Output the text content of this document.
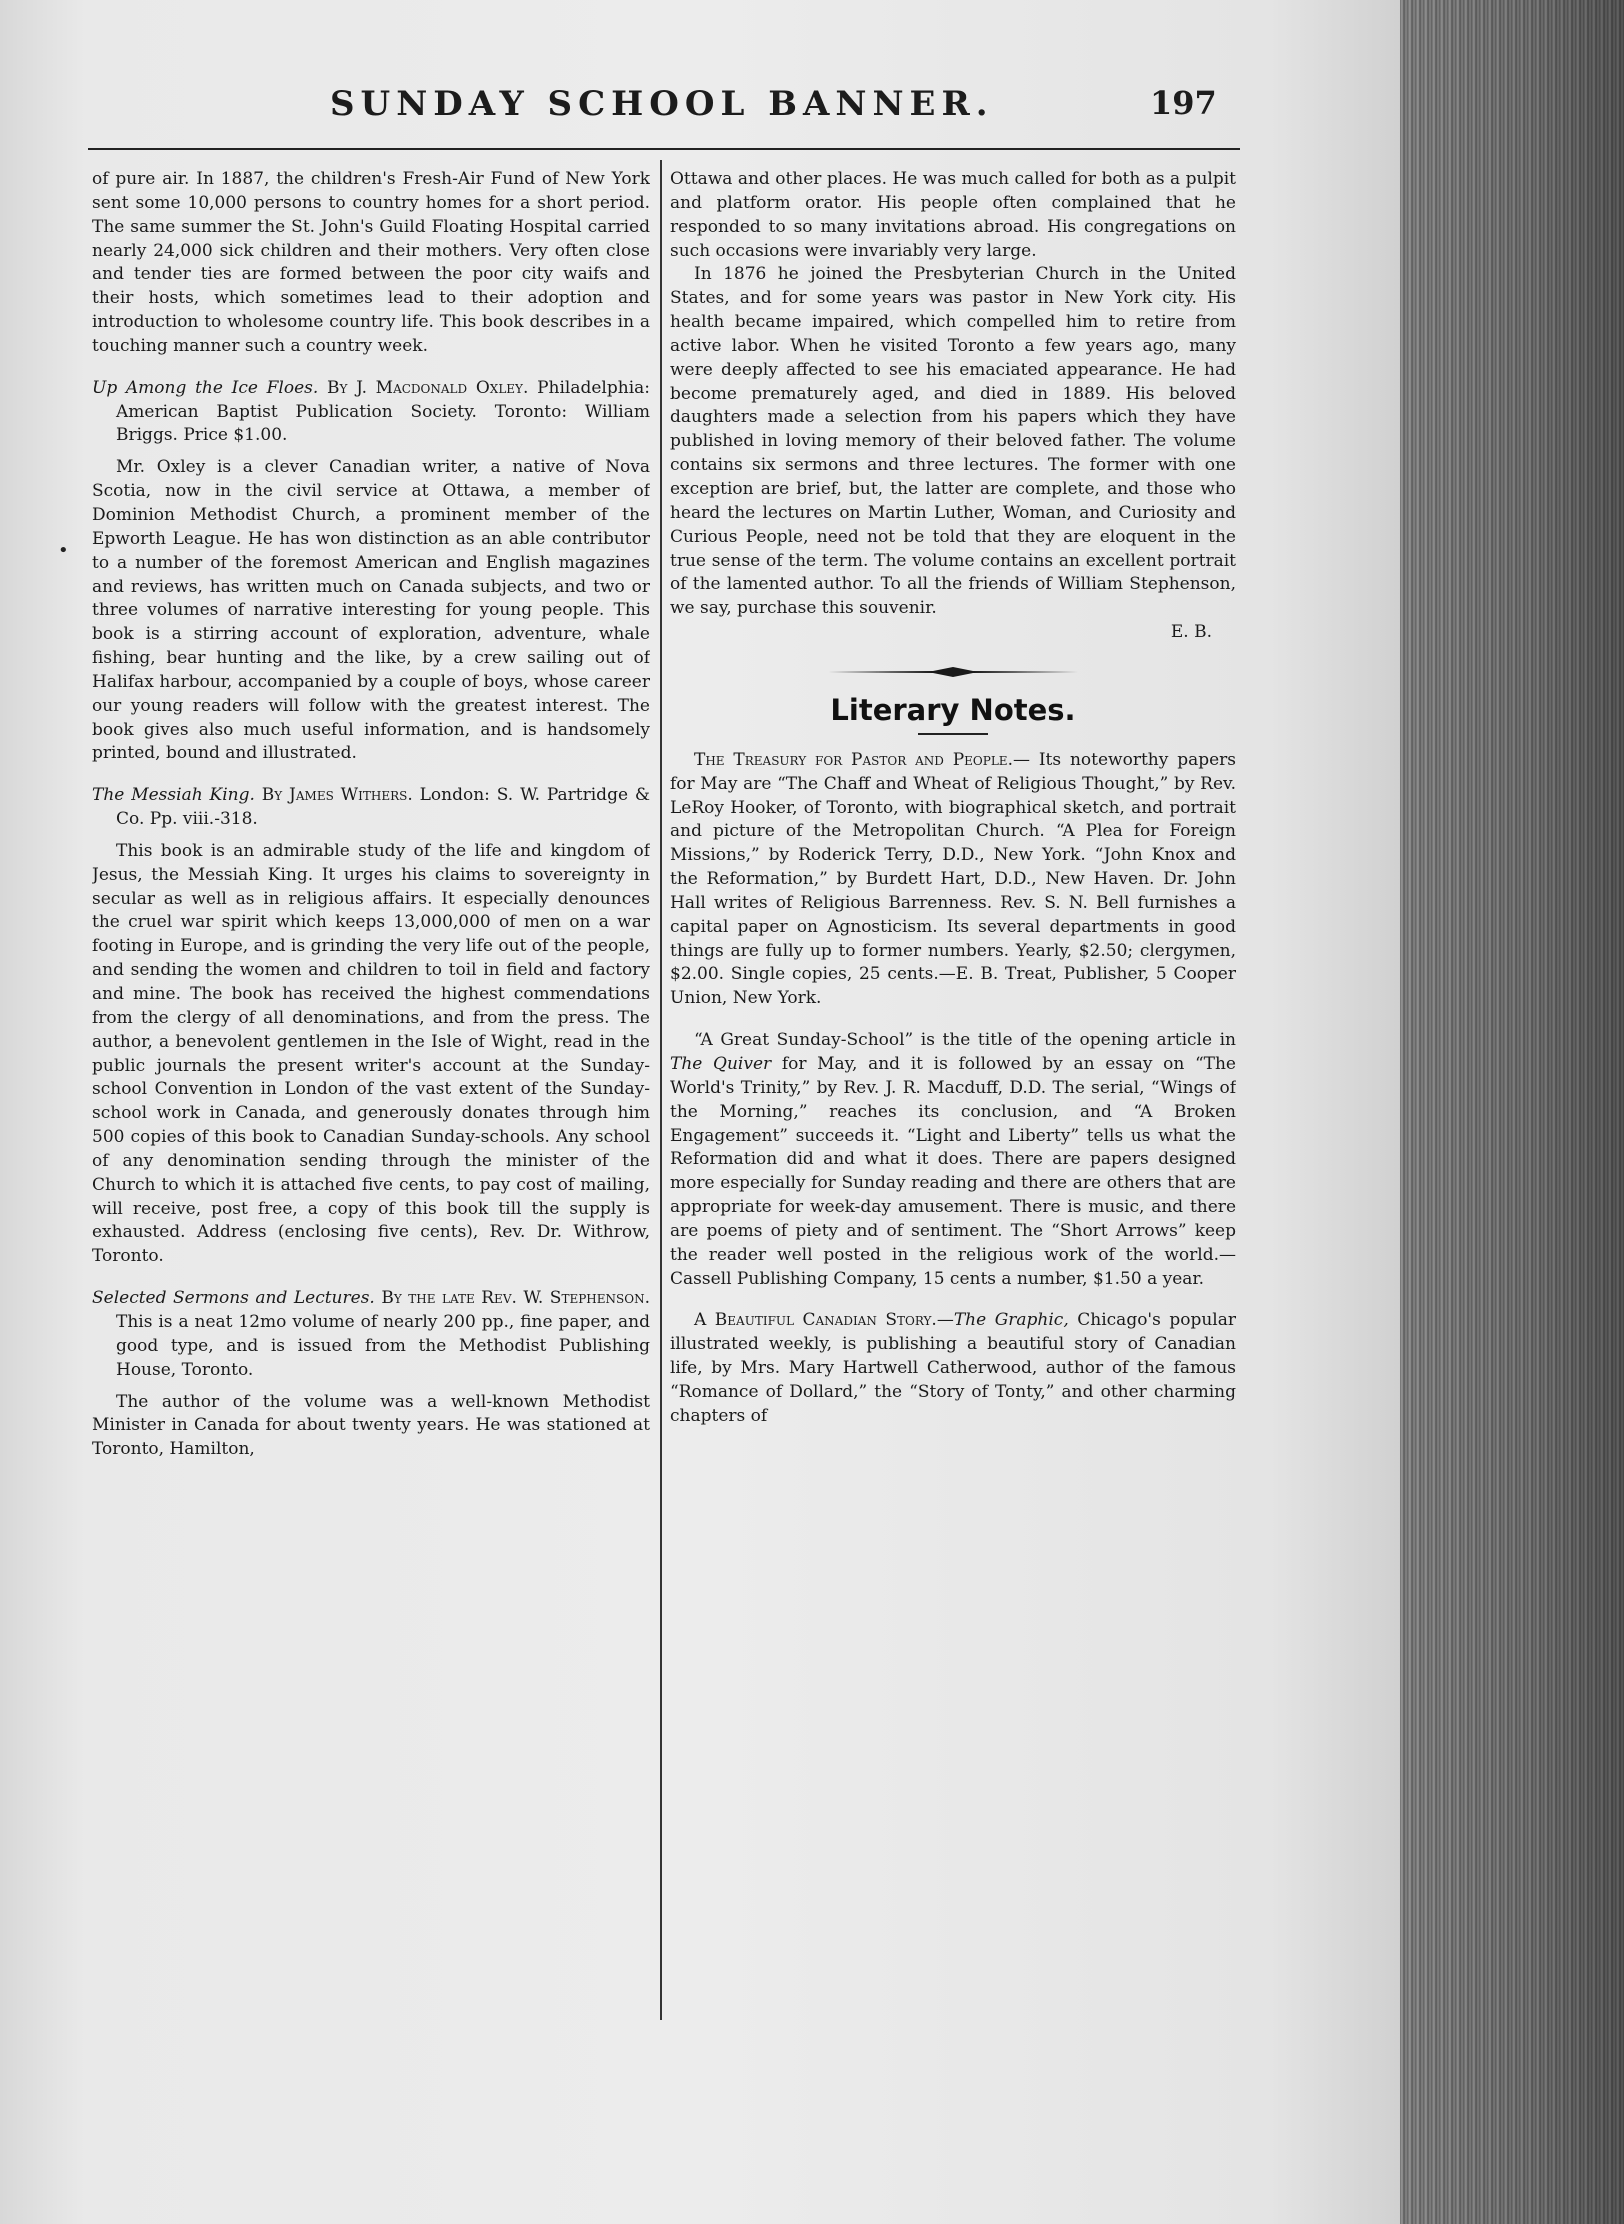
SUNDAY SCHOOL BANNER.	197
•

of pure air. In 1887, the children's Fresh-Air Fund of New York sent some 10,000 persons to country homes for a short period. The same summer the St. John's Guild Floating Hospital carried nearly 24,000 sick children and their mothers. Very often close and tender ties are formed between the poor city waifs and their hosts, which sometimes lead to their adoption and introduction to wholesome country life. This book describes in a touching manner such a country week.

Up Among the Ice Floes. By J. Macdonald Oxley. Philadelphia: American Baptist Publication Society. Toronto: William Briggs. Price $1.00.

Mr. Oxley is a clever Canadian writer, a native of Nova Scotia, now in the civil service at Ottawa, a member of Dominion Methodist Church, a prominent member of the Epworth League. He has won distinction as an able contributor to a number of the foremost American and English magazines and reviews, has written much on Canada subjects, and two or three volumes of narrative interesting for young people. This book is a stirring account of exploration, adventure, whale fishing, bear hunting and the like, by a crew sailing out of Halifax harbour, accompanied by a couple of boys, whose career our young readers will follow with the greatest interest. The book gives also much useful information, and is handsomely printed, bound and illustrated.

The Messiah King. By James Withers. London: S. W. Partridge & Co. Pp. viii.-318.

This book is an admirable study of the life and kingdom of Jesus, the Messiah King. It urges his claims to sovereignty in secular as well as in religious affairs. It especially denounces the cruel war spirit which keeps 13,000,000 of men on a war footing in Europe, and is grinding the very life out of the people, and sending the women and children to toil in field and factory and mine. The book has received the highest commendations from the clergy of all denominations, and from the press. The author, a benevolent gentlemen in the Isle of Wight, read in the public journals the present writer's account at the Sunday-school Convention in London of the vast extent of the Sunday-school work in Canada, and generously donates through him 500 copies of this book to Canadian Sunday-schools. Any school of any denomination sending through the minister of the Church to which it is attached five cents, to pay cost of mailing, will receive, post free, a copy of this book till the supply is exhausted. Address (enclosing five cents), Rev. Dr. Withrow, Toronto.

Selected Sermons and Lectures. By the late Rev. W. Stephenson. This is a neat 12mo volume of nearly 200 pp., fine paper, and good type, and is issued from the Methodist Publishing House, Toronto.

The author of the volume was a well-known Methodist Minister in Canada for about twenty years. He was stationed at Toronto, Hamilton,

Ottawa and other places. He was much called for both as a pulpit and platform orator. His people often complained that he responded to so many invitations abroad. His congregations on such occasions were invariably very large.

In 1876 he joined the Presbyterian Church in the United States, and for some years was pastor in New York city. His health became impaired, which compelled him to retire from active labor. When he visited Toronto a few years ago, many were deeply affected to see his emaciated appearance. He had become prematurely aged, and died in 1889. His beloved daughters made a selection from his papers which they have published in loving memory of their beloved father. The volume contains six sermons and three lectures. The former with one exception are brief, but, the latter are complete, and those who heard the lectures on Martin Luther, Woman, and Curiosity and Curious People, need not be told that they are eloquent in the true sense of the term. The volume contains an excellent portrait of the lamented author. To all the friends of William Stephenson, we say, purchase this souvenir.

E. B.

Literary Notes.

The Treasury for Pastor and People.— Its noteworthy papers for May are “The Chaff and Wheat of Religious Thought,” by Rev. LeRoy Hooker, of Toronto, with biographical sketch, and portrait and picture of the Metropolitan Church. “A Plea for Foreign Missions,” by Roderick Terry, D.D., New York. “John Knox and the Reformation,” by Burdett Hart, D.D., New Haven. Dr. John Hall writes of Religious Barrenness. Rev. S. N. Bell furnishes a capital paper on Agnosticism. Its several departments in good things are fully up to former numbers. Yearly, $2.50; clergymen, $2.00. Single copies, 25 cents.—E. B. Treat, Publisher, 5 Cooper Union, New York.

“A Great Sunday-School” is the title of the opening article in The Quiver for May, and it is followed by an essay on “The World's Trinity,” by Rev. J. R. Macduff, D.D. The serial, “Wings of the Morning,” reaches its conclusion, and “A Broken Engagement” succeeds it. “Light and Liberty” tells us what the Reformation did and what it does. There are papers designed more especially for Sunday reading and there are others that are appropriate for week-day amusement. There is music, and there are poems of piety and of sentiment. The “Short Arrows” keep the reader well posted in the religious work of the world.—Cassell Publishing Company, 15 cents a number, $1.50 a year.

A Beautiful Canadian Story.—The Graphic, Chicago's popular illustrated weekly, is publishing a beautiful story of Canadian life, by Mrs. Mary Hartwell Catherwood, author of the famous “Romance of Dollard,” the “Story of Tonty,” and other charming chapters of
